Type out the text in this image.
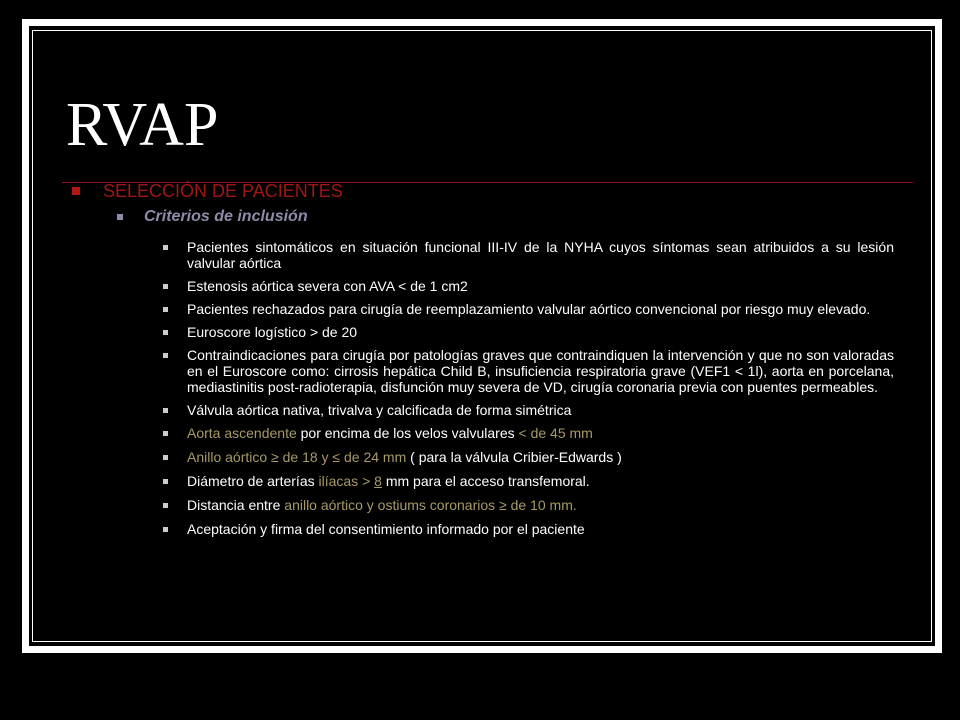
RVAP
SELECCIÓN DE PACIENTES
Criterios de inclusión
Pacientes sintomáticos en situación funcional III-IV de la NYHA cuyos síntomas sean atribuidos a su lesión valvular aórtica
Estenosis aórtica severa con AVA < de 1 cm2
Pacientes rechazados para cirugía de reemplazamiento valvular aórtico convencional por riesgo muy elevado.
Euroscore logístico > de 20
Contraindicaciones para cirugía por patologías graves que contraindiquen la intervención y que no son valoradas en el Euroscore como: cirrosis hepática Child B, insuficiencia respiratoria grave (VEF1 < 1l), aorta en porcelana, mediastinitis post-radioterapia, disfunción muy severa de VD, cirugía coronaria previa con puentes permeables.
Válvula aórtica nativa, trivalva y calcificada de forma simétrica
Aorta ascendente por encima de los velos valvulares < de 45 mm
Anillo aórtico ≥ de 18 y ≤ de 24 mm ( para la válvula Cribier-Edwards )
Diámetro de arterías ilíacas > 8 mm para el acceso transfemoral.
Distancia entre anillo aórtico y ostiums coronarios ≥ de 10 mm.
Aceptación y firma del consentimiento informado por el paciente
